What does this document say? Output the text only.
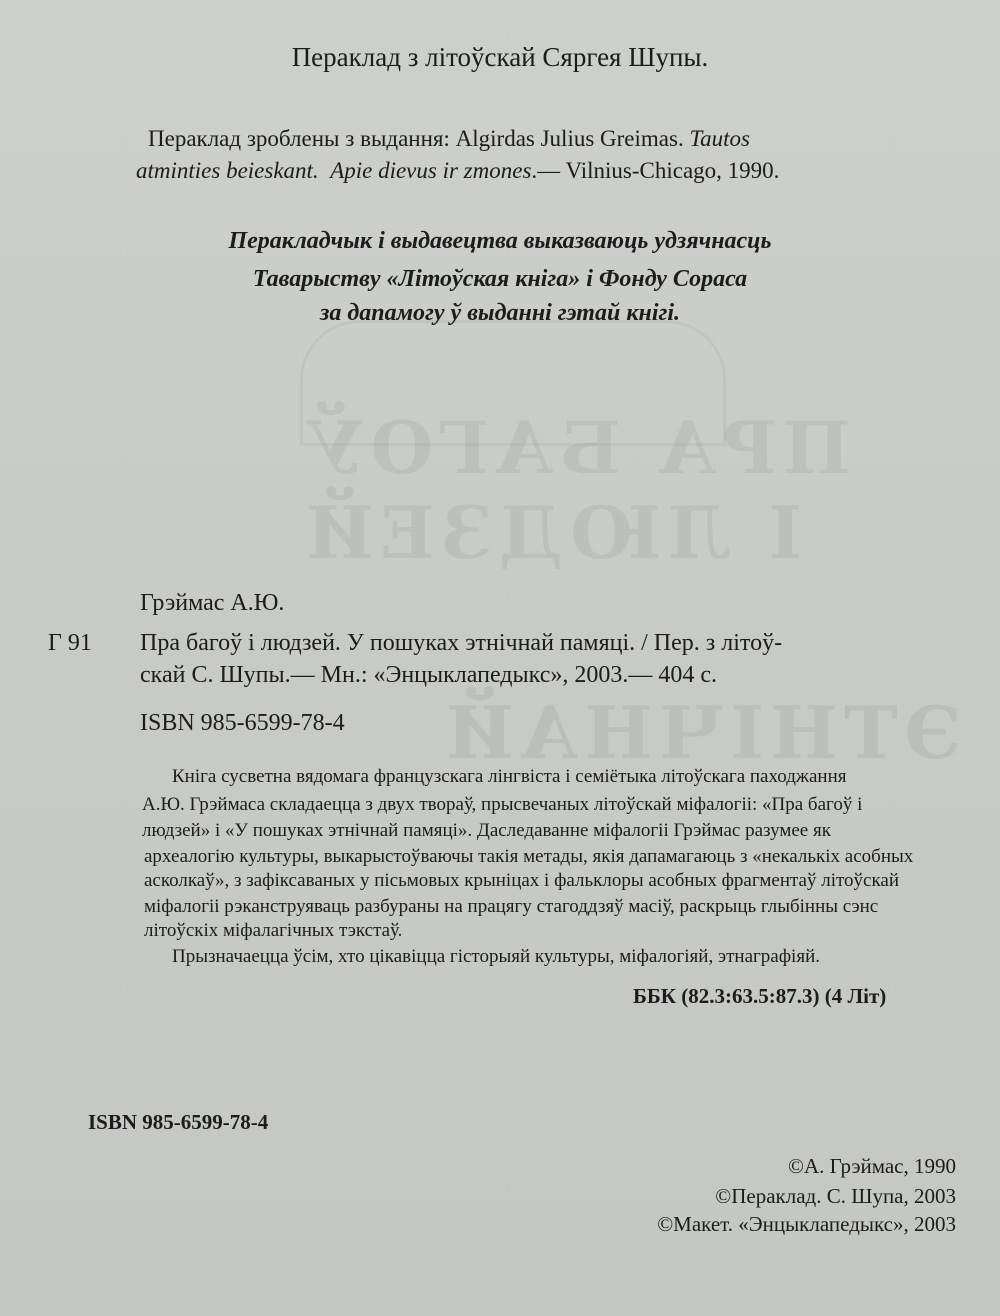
ПРА БАГОЎ
І ЛЮДЗЕЙ
ЭТНІЧНАЙ
Пераклад з літоўскай Сяргея Шупы.
Пераклад зроблены з выдання: Algirdas Julius Greimas. Tautos
atminties beieskant. Apie dievus ir zmones.— Vilnius-Chicago, 1990.
Перакладчык і выдавецтва выказваюць удзячнасць
Таварыству «Літоўская кніга» і Фонду Сораса
за дапамогу ў выданні гэтай кнігі.
Грэймас А.Ю.
Г 91 Пра багоў і людзей. У пошуках этнічнай памяці. / Пер. з літоў-
скай С. Шупы.— Мн.: «Энцыклапедыкс», 2003.— 404 с.
ISBN 985-6599-78-4
Кніга сусветна вядомага французскага лінгвіста і семіётыка літоўскага паходжання
А.Ю. Грэймаса складаецца з двух твораў, прысвечаных літоўскай міфалогіі: «Пра багоў і
людзей» і «У пошуках этнічнай памяці». Даследаванне міфалогіі Грэймас разумее як
археалогію культуры, выкарыстоўваючы такія метады, якія дапамагаюць з «некалькіх асобных
асколкаў», з зафіксаваных у пісьмовых крыніцах і фальклоры асобных фрагментаў літоўскай
міфалогіі рэканструяваць разбураны на працягу стагоддзяў масіў, раскрыць глыбінны сэнс
літоўскіх міфалагічных тэкстаў.
Прызначаецца ўсім, хто цікавіцца гісторыяй культуры, міфалогіяй, этнаграфіяй.
ББК (82.3:63.5:87.3) (4 Літ)
ISBN 985-6599-78-4
©А. Грэймас, 1990
©Пераклад. С. Шупа, 2003
©Макет. «Энцыклапедыкс», 2003
